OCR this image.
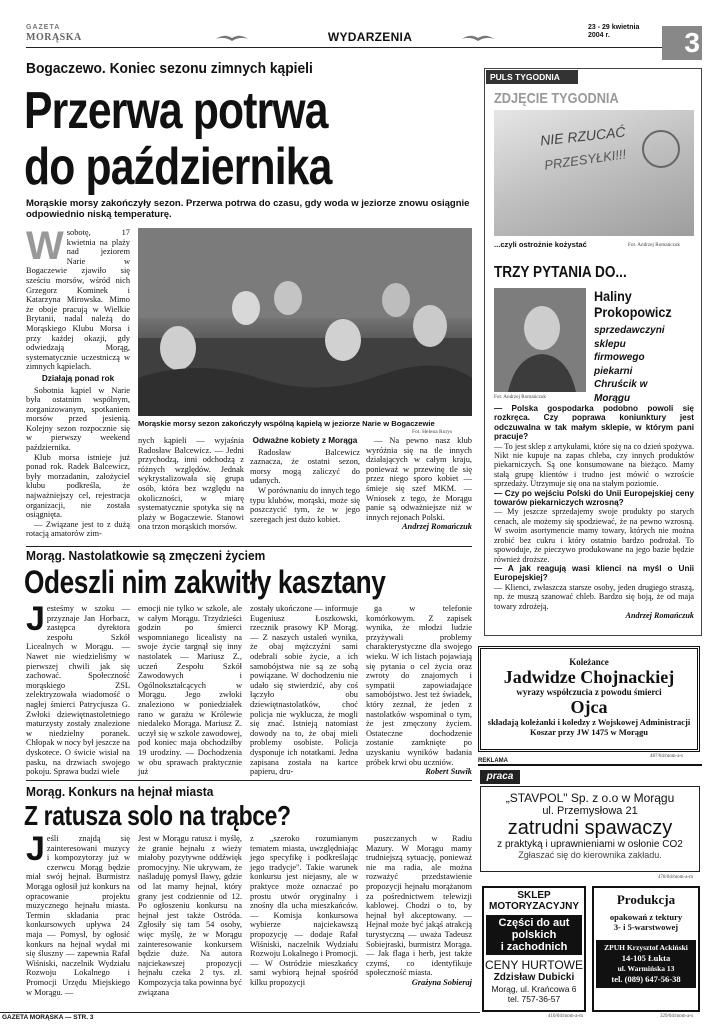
GAZETA
MORĄSKA	WYDARZENIA
23 - 29 kwietnia
2004 r.	3
Bogaczewo. Koniec sezonu zimnych kąpieli
Przerwa potrwa
do października
Morąskie morsy zakończyły sezon. Przerwa potrwa do czasu, gdy woda w jeziorze znowu osiągnie odpowiednio niską temperaturę.
W sobotę, 17 kwietnia na plaży nad jeziorem Narie w Bogaczewie zjawiło się sześciu morsów, wśród nich Grzegorz Kominek i Katarzyna Mirowska. Mimo że oboje pracują w Wielkie Brytanii, nadal należą do Morąskiego Klubu Morsa i przy każdej okazji, gdy odwiedzają Morąg, systematycznie uczestniczą w zimnych kąpielach.

Działają ponad rok

Sobotnia kąpiel w Narie była ostatnim wspólnym, zorganizowanym, spotkaniem morsów przed jesienią. Kolejny sezon rozpocznie się w pierwszy weekend października.

Klub morsa istnieje już ponad rok. Radek Balcewicz, były morzadanin, założyciel klubu podkreśla, że najważniejszy cel, rejestracja organizacji, nie została osiągnięta.

— Związane jest to z dużą rotacją amatorów zim-

Morąskie morsy sezon zakończyły wspólną kąpielą w jeziorze Narie w Bogaczewie
Fot. Helena Rurys
nych kąpieli — wyjaśnia Radosław Balcewicz. — Jedni przychodzą, inni odchodzą z różnych względów. Jednak wykrystalizowała się grupa osób, która bez względu na okoliczności, w miarę systematycznie spotyka się na plaży w Bogaczewie. Stanowi ona trzon morąskich morsów.
Odważne kobiety z Morąga

Radosław Balcewicz zaznacza, że ostatni sezon, morsy mogą zaliczyć do udanych.

W porównaniu do innych tego typu klubów, morąski, może się poszczycić tym, że w jego szeregach jest dużo kobiet.

— Na pewno nasz klub wyróżnia się na tle innych działających w całym kraju, ponieważ w przewinę tle się przez niego sporo kobiet — śmieje się szef MKM. — Wniosek z tego, że Morągu panie są odważniejsze niż w innych rejonach Polski.

Andrzej Romańczuk
Morąg. Nastolatkowie są zmęczeni życiem
Odeszli nim zakwitły kasztany
J esteśmy w szoku — przyznaje Jan Horbacz, zastępca dyrektora zespołu Szkół Licealnych w Morągu. — Nawet nie wiedzieliśmy w pierwszej chwili jak się zachować. Społeczność morąskiego ZSL zelektryzowała wiadomość o nagłej śmierci Patrycjusza G. Zwłoki dziewiętnastoletniego maturzysty zostały znalezione w niedzielny poranek. Chłopak w nocy był jeszcze na dyskotece. O świcie wisiał na pasku, na drzwiach swojego pokoju. Sprawa budzi wiele

emocji nie tylko w szkole, ale w całym Morągu. Trzydzieści godzin po śmierci wspomnianego licealisty na swoje życie targnął się inny nastolatek — Mariusz Z., uczeń Zespołu Szkół Zawodowych i Ogólnokształcących w Morągu. Jego zwłoki znaleziono w poniedziałek rano w garażu w Królewie niedaleko Morąga. Mariusz Z. uczył się w szkole zawodowej, pod koniec maja obchodziłby 19 urodziny. — Dochodzenia w obu sprawach praktycznie już
zostały ukończone — informuje Eugeniusz Łoszkowski, rzecznik prasowy KP Morąg. — Z naszych ustaleń wynika, że obaj mężczyźni sami odebrali sobie życie, a ich samobójstwa nie są ze sobą powiązane. W dochodzeniu nie udało się stwierdzić, aby coś łączyło obu dziewiętnastolatków, choć policja nie wyklucza, że mogli się znać. Istnieją natomiast dowody na to, że obaj mieli problemy osobiste. Policja dysponuje ich notatkami. Jedna zapisana została na kartce papieru, dru-

ga w telefonie komórkowym. Z zapisek wynika, że młodzi ludzie przyżywali problemy charakterystyczne dla swojego wieku. W ich listach pojawiają się pytania o cel życia oraz zwroty do znajomych i sympatii zapowiadające samobójstwo. Jest też świadek, który zeznał, że jeden z nastolatków wspominał o tym, że jest zmęczony życiem. Ostateczne dochodzenie zostanie zamknięte po uzyskaniu wyników badania próbek krwi obu uczniów.

Robert Suwik
Morąg. Konkurs na hejnał miasta
Z ratusza solo na trąbce?
J eśli znajdą się zainteresowani muzycy i kompozytorzy już w czerwcu Morąg będzie miał swój hejnał. Burmistrz Morąga ogłosił już konkurs na opracowanie projektu muzycznego hejnału miasta. Termin składania prac konkursowych upływa 24 maja — Pomysł, by ogłosić konkurs na hejnał wydał mi się śluszny — zapewnia Rafał Wiśniski, naczelnik Wydziału Rozwoju Lokalnego i Promocji Urzędu Miejskiego w Morągu. —

Jest w Morągu ratusz i myślę, że granie hejnału z wieży miałoby pozytywne oddźwięk promocyjny. Nie ukrywam, że naśladuję pomysł Iławy, gdzie od lat mamy hejnał, który grany jest codziennie od 12. Po ogłoszeniu konkursu na hejnał jest także Ostróda. Zgłosiły się tam 54 osoby, więc myślę, że w Morągu zainteresowanie konkursem będzie duże. Na autora najciekawszej propozycji hejnału czeka 2 tys. zł. Kompozycja taka powinna być związana
z „szeroko rozumianym tematem miasta, uwzględniając jego specyfikę i podkreślając jego tradycje". Takie warunek konkursu jest niejasny, ale w praktyce może oznaczać po prostu utwór oryginalny i znośny dla ucha mieszkańców. — Komisja konkursowa wybierze najciekawszą propozycję — dodaje Rafał Wiśniski, naczelnik Wydziału Rozwoju Lokalnego i Promocji. — W Ostródzie mieszkańcy sami wybiorą hejnał spośród kilku propozycji

puszczanych w Radiu Mazury. W Morągu mamy trudniejszą sytuację, ponieważ nie ma radia, ale można rozważyć przedstawienie propozycji hejnału morążanom za pośrednictwem telewizji kablowej. Chodzi o to, by hejnał był akceptowany. — Hejnał może być jakąś atrakcją turystyczną — uważa Tadeusz Sobiejraski, burmistrz Morąga. — Jak flaga i herb, jest także czymś, co identyfikuje społeczność miasta.

Grażyna Sobieraj
PULS TYGODNIA
ZDJĘCIE TYGODNIA
NIE RZUCAĆ
PRZESYŁKI!!!
...czyli ostrożnie kożystać	Fot. Andrzej Romańczuk
TRZY PYTANIA DO...
Fot. Andrzej Romańczuk
Haliny
Prokopowicz
sprzedawczyni sklepu firmowego piekarni Chruścik w Morągu
— Polska gospodarka podobno powoli się rozkręca. Czy poprawa koniunktury jest odczuwalna w tak małym sklepie, w którym pani pracuje?

— To jest sklep z artykułami, które się na co dzień spożywa. Nikt nie kupuje na zapas chleba, czy innych produktów piekarniczych. Są one konsumowane na bieżąco. Mamy stałą grupę klientów i trudno jest mówić o wzroście sprzedaży. Utrzymuje się ona na stałym poziomie.

— Czy po wejściu Polski do Unii Europejskiej ceny towarów piekarniczych wzrosną?

— My jeszcze sprzedajemy swoje produkty po starych cenach, ale możemy się spodziewać, że na pewno wzrosną. W swoim asortymencie mamy towary, których nie można zrobić bez cukru i który ostatnio bardzo podrożał. To spowoduje, że pieczywo produkowane na jego bazie będzie również droższe.

— A jak reagują wasi klienci na myśl o Unii Europejskiej?

— Klienci, zwłaszcza starsze osoby, jeden drugiego straszą, np. że muszą szanować chleb. Bardzo się boją, że od maja towary zdrożeją.

Andrzej Romańczuk
Koleżance
Jadwidze Chojnackiej
wyrazy współczucia z powodu śmierci
Ojca
składają koleżanki i koledzy z Wojskowej Administracji Koszar przy JW 1475 w Morągu
487/04/mom-a-s
REKLAMA
praca
„STAVPOL" Sp. z o.o w Morągu
ul. Przemysłowa 21
zatrudni spawaczy
z praktyką i uprawnieniami w osłonie CO2
Zgłaszać się do kierownika zakładu.
478/04/mom-a-m
SKLEP
MOTORYZACYJNY
Części do aut
polskich
i zachodnich
CENY HURTOWE
Zdzisław Dubicki
Morąg, ul. Krańcowa 6
tel. 757-36-57
410/04/mom-a-m
Produkcja
opakowań z tektury
3- i 5-warstwowej
ZPUH Krzysztof Ackiński
14-105 Łukta
ul. Warmińska 13
tel. (089) 647-56-38
329/04/mom-a-s
GAZETA MORĄSKA — STR. 3
